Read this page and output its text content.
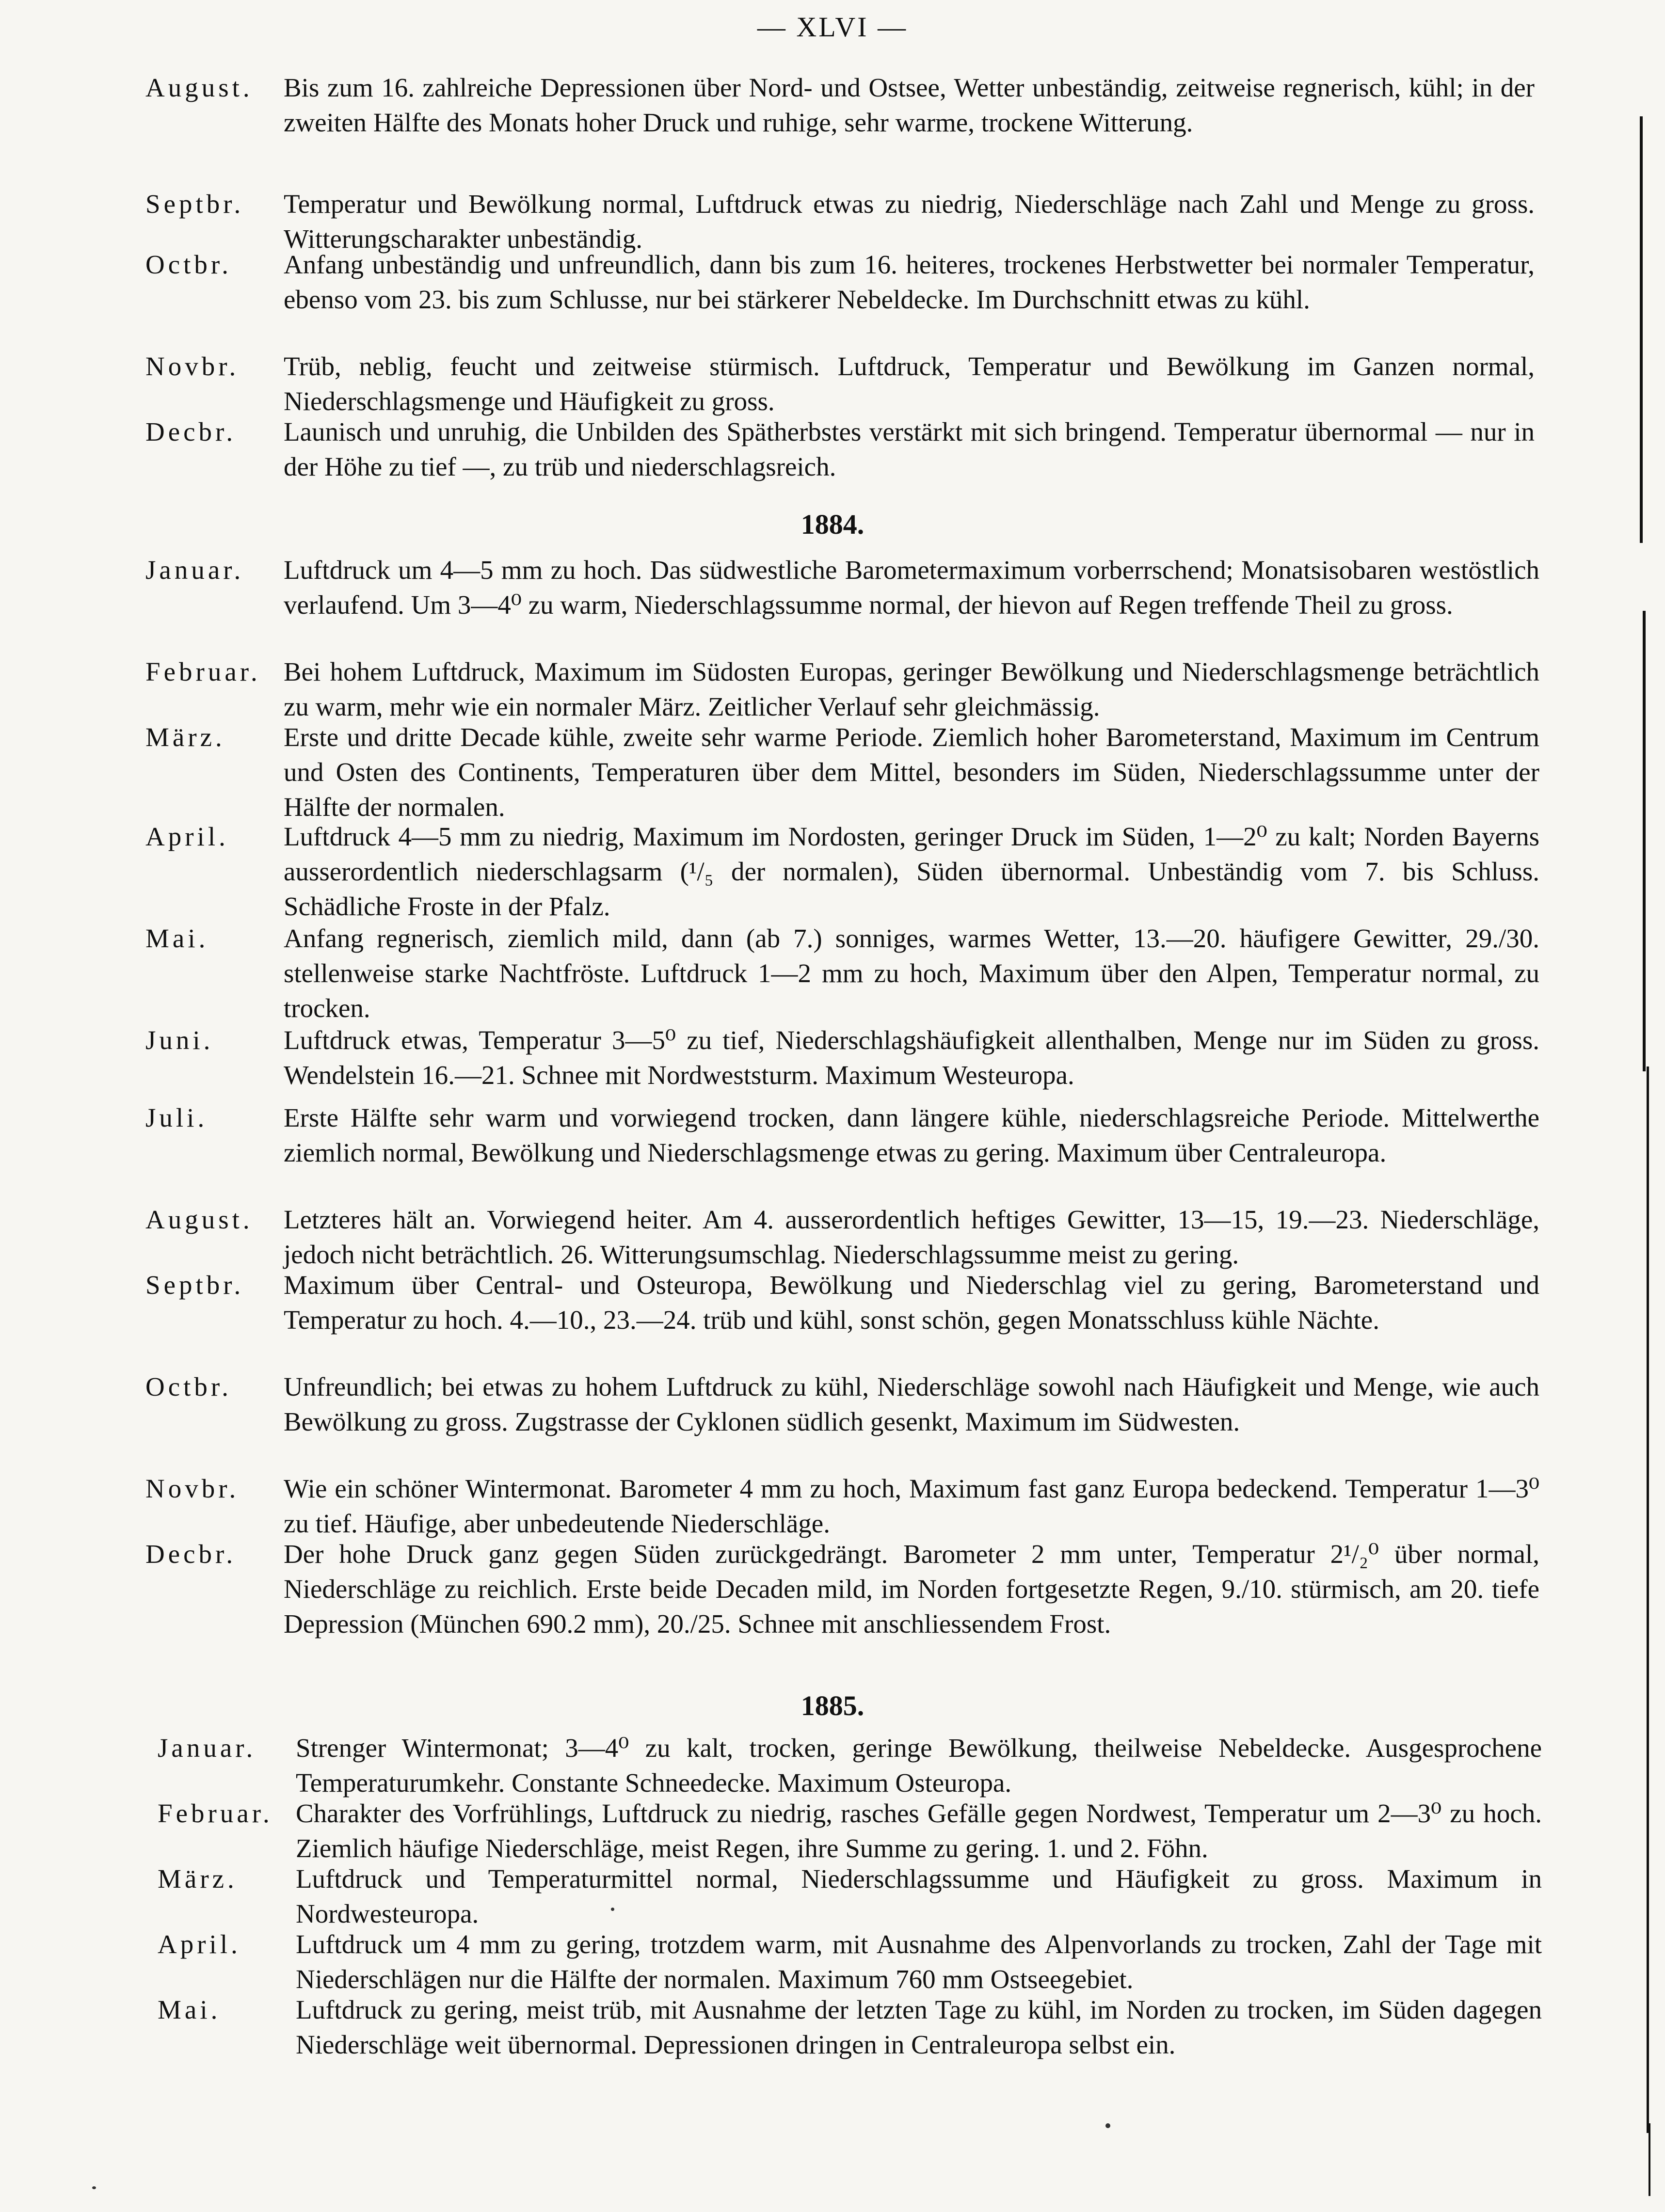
— XLVI —
August.	Bis zum 16. zahlreiche Depressionen über Nord- und Ostsee, Wetter unbeständig, zeitweise regnerisch, kühl; in der zweiten Hälfte des Monats hoher Druck und ruhige, sehr warme, trockene Witterung.
Septbr.	Temperatur und Bewölkung normal, Luftdruck etwas zu niedrig, Niederschläge nach Zahl und Menge zu gross. Witterungscharakter unbeständig.
Octbr.	Anfang unbeständig und unfreundlich, dann bis zum 16. heiteres, trockenes Herbstwetter bei normaler Temperatur, ebenso vom 23. bis zum Schlusse, nur bei stärkerer Nebeldecke. Im Durchschnitt etwas zu kühl.
Novbr.	Trüb, neblig, feucht und zeitweise stürmisch. Luftdruck, Temperatur und Bewölkung im Ganzen normal, Niederschlagsmenge und Häufigkeit zu gross.
Decbr.	Launisch und unruhig, die Unbilden des Spätherbstes verstärkt mit sich bringend. Temperatur übernormal — nur in der Höhe zu tief —, zu trüb und niederschlagsreich.
1884.
Januar.	Luftdruck um 4—5 mm zu hoch. Das südwestliche Barometermaximum vorberrschend; Monatsisobaren westöstlich verlaufend. Um 3—4⁰ zu warm, Niederschlagssumme normal, der hievon auf Regen treffende Theil zu gross.
Februar. Bei hohem Luftdruck, Maximum im Südosten Europas, geringer Bewölkung und Niederschlagsmenge beträchtlich zu warm, mehr wie ein normaler März. Zeitlicher Verlauf sehr gleichmässig.
März.	Erste und dritte Decade kühle, zweite sehr warme Periode. Ziemlich hoher Barometerstand, Maximum im Centrum und Osten des Continents, Temperaturen über dem Mittel, besonders im Süden, Niederschlagssumme unter der Hälfte der normalen.
April.	Luftdruck 4—5 mm zu niedrig, Maximum im Nordosten, geringer Druck im Süden, 1—2⁰ zu kalt; Norden Bayerns ausserordentlich niederschlagsarm (¹/₅ der normalen), Süden übernormal. Unbeständig vom 7. bis Schluss. Schädliche Froste in der Pfalz.
Mai.	Anfang regnerisch, ziemlich mild, dann (ab 7.) sonniges, warmes Wetter, 13.—20. häufigere Gewitter, 29./30. stellenweise starke Nachtfröste. Luftdruck 1—2 mm zu hoch, Maximum über den Alpen, Temperatur normal, zu trocken.
Juni.	Luftdruck etwas, Temperatur 3—5⁰ zu tief, Niederschlagshäufigkeit allenthalben, Menge nur im Süden zu gross. Wendelstein 16.—21. Schnee mit Nordweststurm. Maximum Westeuropa.
Juli.	Erste Hälfte sehr warm und vorwiegend trocken, dann längere kühle, niederschlagsreiche Periode. Mittelwerthe ziemlich normal, Bewölkung und Niederschlagsmenge etwas zu gering. Maximum über Centraleuropa.
August.	Letzteres hält an. Vorwiegend heiter. Am 4. ausserordentlich heftiges Gewitter, 13—15, 19.—23. Niederschläge, jedoch nicht beträchtlich. 26. Witterungsumschlag. Niederschlagssumme meist zu gering.
Septbr.	Maximum über Central- und Osteuropa, Bewölkung und Niederschlag viel zu gering, Barometerstand und Temperatur zu hoch. 4.—10., 23.—24. trüb und kühl, sonst schön, gegen Monatsschluss kühle Nächte.
Octbr.	Unfreundlich; bei etwas zu hohem Luftdruck zu kühl, Niederschläge sowohl nach Häufigkeit und Menge, wie auch Bewölkung zu gross. Zugstrasse der Cyklonen südlich gesenkt, Maximum im Südwesten.
Novbr.	Wie ein schöner Wintermonat. Barometer 4 mm zu hoch, Maximum fast ganz Europa bedeckend. Temperatur 1—3⁰ zu tief. Häufige, aber unbedeutende Niederschläge.
Decbr.	Der hohe Druck ganz gegen Süden zurückgedrängt. Barometer 2 mm unter, Temperatur 2¹/₂⁰ über normal, Niederschläge zu reichlich. Erste beide Decaden mild, im Norden fortgesetzte Regen, 9./10. stürmisch, am 20. tiefe Depression (München 690.2 mm), 20./25. Schnee mit anschliessendem Frost.
1885.
Januar.	Strenger Wintermonat; 3—4⁰ zu kalt, trocken, geringe Bewölkung, theilweise Nebeldecke. Ausgesprochene Temperaturumkehr. Constante Schneedecke. Maximum Osteuropa.
Februar. Charakter des Vorfrühlings, Luftdruck zu niedrig, rasches Gefälle gegen Nordwest, Temperatur um 2—3⁰ zu hoch. Ziemlich häufige Niederschläge, meist Regen, ihre Summe zu gering. 1. und 2. Föhn.
März.	Luftdruck und Temperaturmittel normal, Niederschlagssumme und Häufigkeit zu gross. Maximum in Nordwesteuropa.
April.	Luftdruck um 4 mm zu gering, trotzdem warm, mit Ausnahme des Alpenvorlands zu trocken, Zahl der Tage mit Niederschlägen nur die Hälfte der normalen. Maximum 760 mm Ostseegebiet.
Mai.	Luftdruck zu gering, meist trüb, mit Ausnahme der letzten Tage zu kühl, im Norden zu trocken, im Süden dagegen Niederschläge weit übernormal. Depressionen dringen in Centraleuropa selbst ein.
